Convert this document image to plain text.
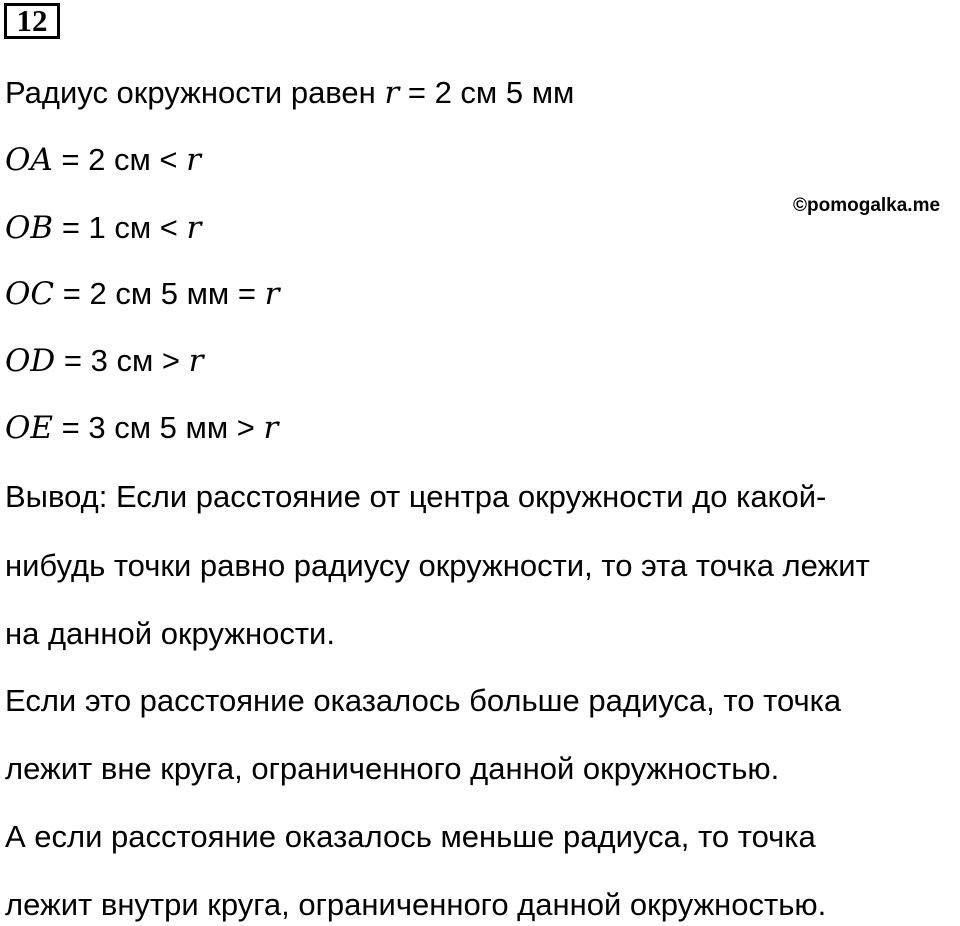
12
©pomogalka.me
Радиус окружности равен r = 2 см 5 мм
OA = 2 см < r
OB = 1 см < r
OC = 2 см 5 мм = r
OD = 3 см > r
OE = 3 см 5 мм > r
Вывод: Если расстояние от центра окружности до какой-
нибудь точки равно радиусу окружности, то эта точка лежит
на данной окружности.
Если это расстояние оказалось больше радиуса, то точка
лежит вне круга, ограниченного данной окружностью.
А если расстояние оказалось меньше радиуса, то точка
лежит внутри круга, ограниченного данной окружностью.
